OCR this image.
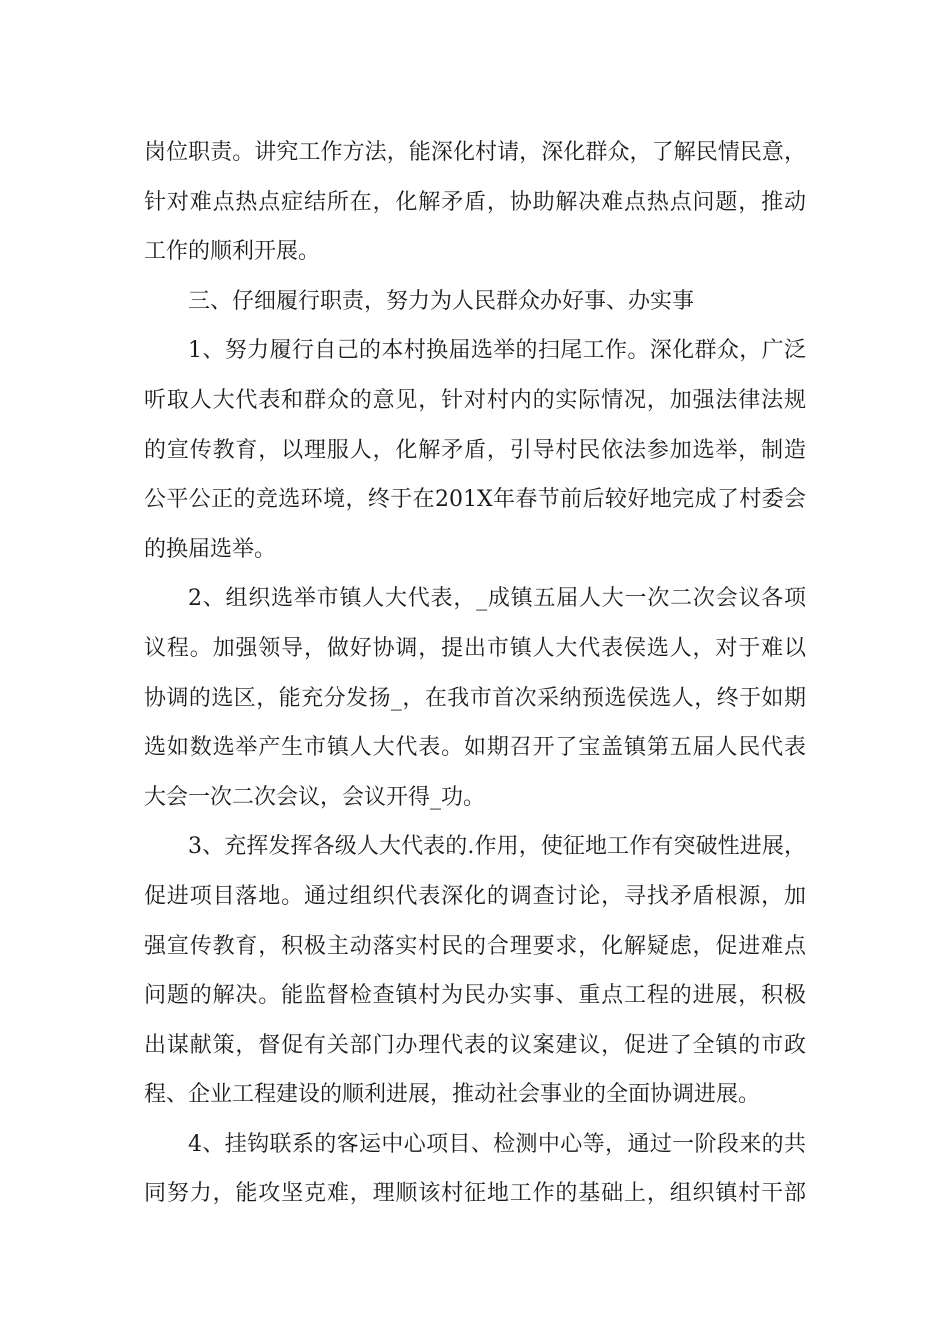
岗位职责。讲究工作方法，能深化村请，深化群众，了解民情民意，
针对难点热点症结所在，化解矛盾，协助解决难点热点问题，推动
工作的顺利开展。
三、仔细履行职责，努力为人民群众办好事、办实事
1、努力履行自己的本村换届选举的扫尾工作。深化群众，广泛
听取人大代表和群众的意见，针对村内的实际情况，加强法律法规
的宣传教育，以理服人，化解矛盾，引导村民依法参加选举，制造
公平公正的竞选环境，终于在201X年春节前后较好地完成了村委会
的换届选举。
2、组织选举市镇人大代表，_成镇五届人大一次二次会议各项
议程。加强领导，做好协调，提出市镇人大代表侯选人，对于难以
协调的选区，能充分发扬_，在我市首次采纳预选侯选人，终于如期
选如数选举产生市镇人大代表。如期召开了宝盖镇第五届人民代表
大会一次二次会议，会议开得_功。
3、充挥发挥各级人大代表的.作用，使征地工作有突破性进展，
促进项目落地。通过组织代表深化的调查讨论，寻找矛盾根源，加
强宣传教育，积极主动落实村民的合理要求，化解疑虑，促进难点
问题的解决。能监督检查镇村为民办实事、重点工程的进展，积极
出谋献策，督促有关部门办理代表的议案建议，促进了全镇的市政
程、企业工程建设的顺利进展，推动社会事业的全面协调进展。
4、挂钩联系的客运中心项目、检测中心等，通过一阶段来的共
同努力，能攻坚克难，理顺该村征地工作的基础上，组织镇村干部
